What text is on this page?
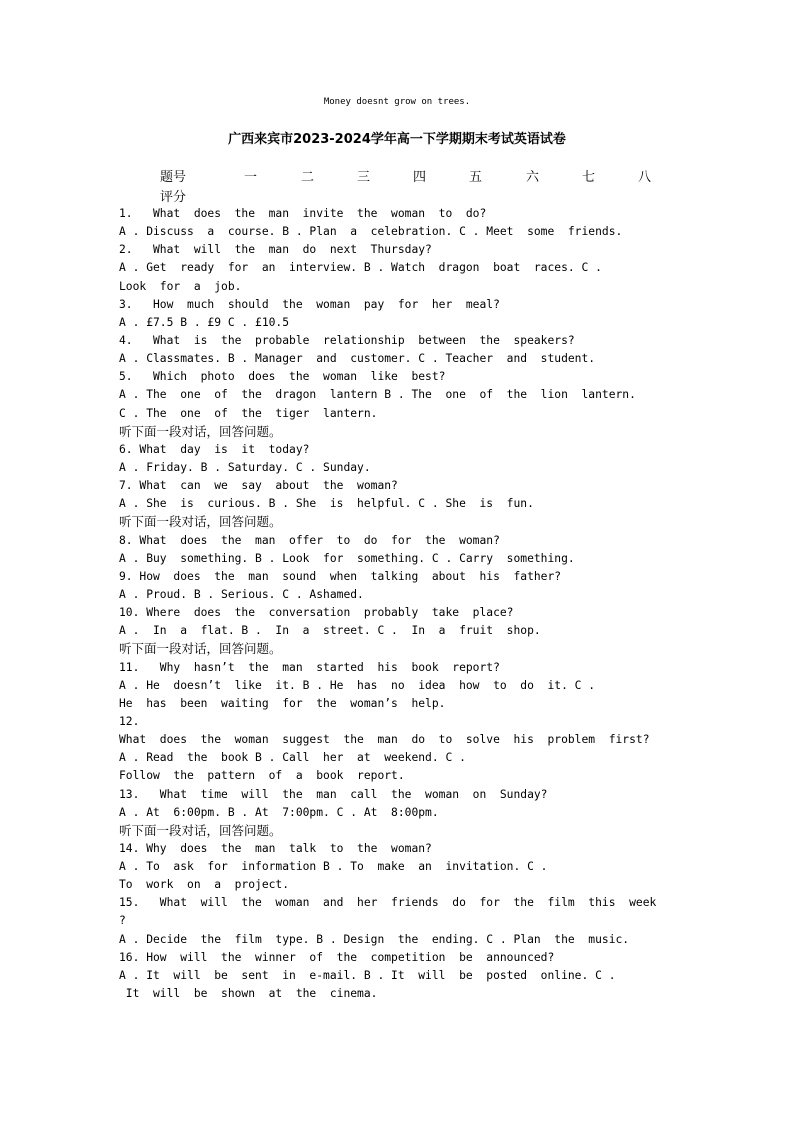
Money doesnt grow on trees.
广西来宾市2023-2024学年高一下学期期末考试英语试卷
题号	一	二	三	四	五	六	七	八
评分
1.   What  does  the  man  invite  the  woman  to  do?
A . Discuss  a  course. B . Plan  a  celebration. C . Meet  some  friends.
2.   What  will  the  man  do  next  Thursday?
A . Get  ready  for  an  interview. B . Watch  dragon  boat  races. C .
Look  for  a  job.
3.   How  much  should  the  woman  pay  for  her  meal?
A . £7.5 B . £9 C . £10.5
4.   What  is  the  probable  relationship  between  the  speakers?
A . Classmates. B . Manager  and  customer. C . Teacher  and  student.
5.   Which  photo  does  the  woman  like  best?
A . The  one  of  the  dragon  lantern B . The  one  of  the  lion  lantern.
C . The  one  of  the  tiger  lantern.
听下面一段对话，回答问题。
6. What  day  is  it  today?
A . Friday. B . Saturday. C . Sunday.
7. What  can  we  say  about  the  woman?
A . She  is  curious. B . She  is  helpful. C . She  is  fun.
听下面一段对话，回答问题。
8. What  does  the  man  offer  to  do  for  the  woman?
A . Buy  something. B . Look  for  something. C . Carry  something.
9. How  does  the  man  sound  when  talking  about  his  father?
A . Proud. B . Serious. C . Ashamed.
10. Where  does  the  conversation  probably  take  place?
A .  In  a  flat. B .  In  a  street. C .  In  a  fruit  shop.
听下面一段对话，回答问题。
11.   Why  hasn’t  the  man  started  his  book  report?
A . He  doesn’t  like  it. B . He  has  no  idea  how  to  do  it. C .
He  has  been  waiting  for  the  woman’s  help.
12.
What  does  the  woman  suggest  the  man  do  to  solve  his  problem  first?
A . Read  the  book B . Call  her  at  weekend. C .
Follow  the  pattern  of  a  book  report.
13.   What  time  will  the  man  call  the  woman  on  Sunday?
A . At  6:00pm. B . At  7:00pm. C . At  8:00pm.
听下面一段对话，回答问题。
14. Why  does  the  man  talk  to  the  woman?
A . To  ask  for  information B . To  make  an  invitation. C .
To  work  on  a  project.
15.   What  will  the  woman  and  her  friends  do  for  the  film  this  week
?
A . Decide  the  film  type. B . Design  the  ending. C . Plan  the  music.
16. How  will  the  winner  of  the  competition  be  announced?
A . It  will  be  sent  in  e-mail. B . It  will  be  posted  online. C .
It  will  be  shown  at  the  cinema.
